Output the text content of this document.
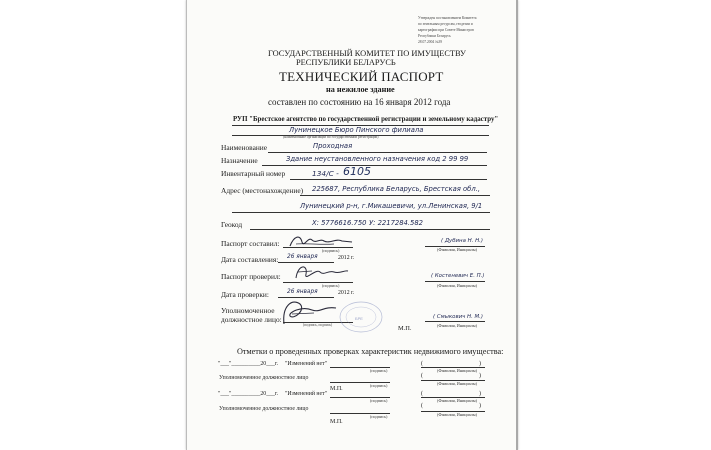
Утвержден постановлением Комитета
по земельным ресурсам, геодезии и
картографии при Совете Министров
Республики Беларусь
28.07.2004 №39
ГОСУДАРСТВЕННЫЙ КОМИТЕТ ПО ИМУЩЕСТВУ
РЕСПУБЛИКИ БЕЛАРУСЬ
ТЕХНИЧЕСКИЙ ПАСПОРТ
на нежилое здание
составлен по состоянию на 16 января 2012 года
РУП "Брестское агентство по государственной регистрации и земельному кадастру"
Лунинецкое Бюро Пинского филиала
(наименование организации по государственной регистрации)
Наименование	Проходная
Назначение	Здание неустановленного назначения код 2 99 99
Инвентарный номер	134/С - 6105
Адрес (местонахождение) 225687, Республика Беларусь, Брестская обл.,
Лунинецкий р-н, г.Микашевичи, ул.Ленинская, 9/1
Геокод	Х: 5776616.750 У: 2217284.582
Паспорт составил:
(подпись)
( Дубина Н. Н.)
(Фамилия, Инициалы)
Дата составления: 26 января	2012 г.
Паспорт проверил:
(подпись)
( Костеневич Е. П.)
(Фамилия, Инициалы)
Дата проверки:	26 января	2012 г.
Уполномоченное
должностное лицо:
(подпись, подпись)
БРЕ	( Смыкович Н. М.)
(Фамилия, Инициалы)
М.П.
Отметки о проведенных проверках характеристик недвижимого имущества:
"___"__________20___г. "Изменений нет"	(	)
(	)
(подпись)	(Фамилия, Инициалы)
Уполномоченное должностное лицо
(подпись)	(Фамилия, Инициалы)
М.П.
"___"__________20___г. "Изменений нет"	(	)
(	)
(подпись)	(Фамилия, Инициалы)
Уполномоченное должностное лицо
(подпись)	(Фамилия, Инициалы)
М.П.
